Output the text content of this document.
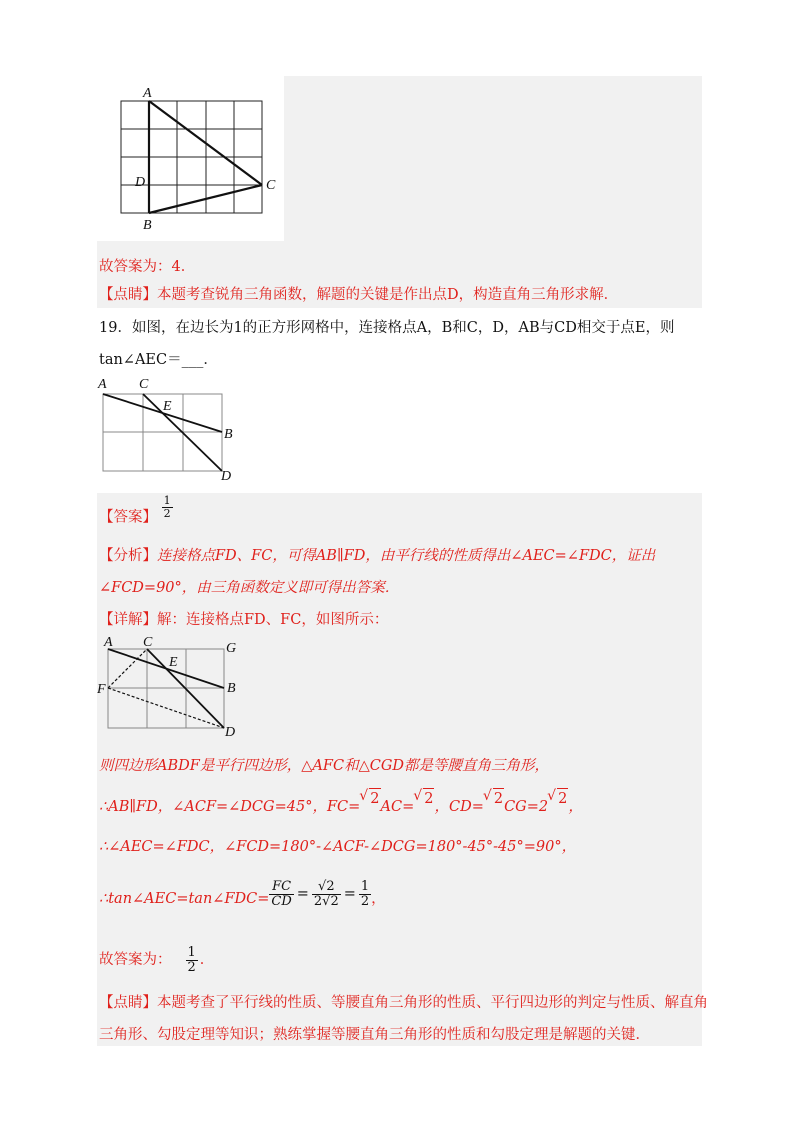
A
D	C
B
故答案为：4．
【点睛】本题考查锐角三角函数，解题的关键是作出点D，构造直角三角形求解．
19．如图，在边长为1的正方形网格中，连接格点A，B和C，D，AB与CD相交于点E，则
tan∠AEC＝___．
A C
E
B
D
【答案】 $\frac{1}{2}$
【分析】连接格点FD、FC，可得AB∥FD，由平行线的性质得出∠AEC=∠FDC，证出
∠FCD=90°，由三角函数定义即可得出答案．
【详解】解：连接格点FD、FC，如图所示：
A C	G
E
F	B
D
则四边形ABDF是平行四边形，△AFC和△CGD都是等腰直角三角形，
∴AB∥FD，∠ACF=∠DCG=45°，FC= √ 2AC= √ 2，CD= √ 2CG=2 √ 2，
∴∠AEC=∠FDC，∠FCD=180°-∠ACF-∠DCG=180°-45°-45°=90°，
∴tan∠AEC=tan∠FDC= $\frac{FC}{CD} = \frac{√2}{2√2} = \frac{1}{2}$ ，
故答案为： $\frac{1}{2}$ ．
【点睛】本题考查了平行线的性质、等腰直角三角形的性质、平行四边形的判定与性质、解直角
三角形、勾股定理等知识；熟练掌握等腰直角三角形的性质和勾股定理是解题的关键．
